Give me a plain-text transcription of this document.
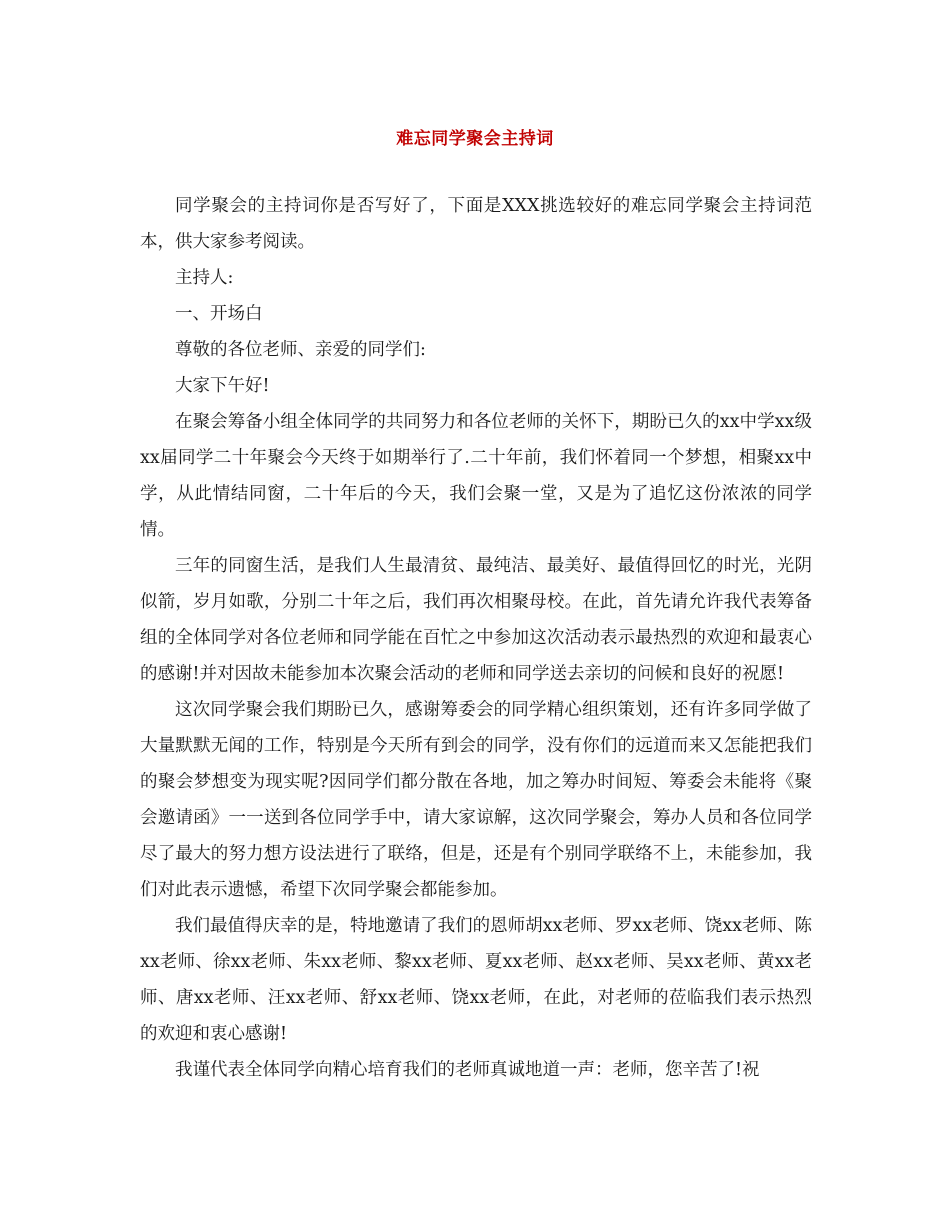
难忘同学聚会主持词

同学聚会的主持词你是否写好了，下面是XXX挑选较好的难忘同学聚会主持词范本，供大家参考阅读。

主持人:

一、开场白

尊敬的各位老师、亲爱的同学们:

大家下午好!

在聚会筹备小组全体同学的共同努力和各位老师的关怀下，期盼已久的xx中学xx级xx届同学二十年聚会今天终于如期举行了.二十年前，我们怀着同一个梦想，相聚xx中学，从此情结同窗，二十年后的今天，我们会聚一堂，又是为了追忆这份浓浓的同学情。

三年的同窗生活，是我们人生最清贫、最纯洁、最美好、最值得回忆的时光，光阴似箭，岁月如歌，分别二十年之后，我们再次相聚母校。在此，首先请允许我代表筹备组的全体同学对各位老师和同学能在百忙之中参加这次活动表示最热烈的欢迎和最衷心的感谢!并对因故未能参加本次聚会活动的老师和同学送去亲切的问候和良好的祝愿!

这次同学聚会我们期盼已久，感谢筹委会的同学精心组织策划，还有许多同学做了大量默默无闻的工作，特别是今天所有到会的同学，没有你们的远道而来又怎能把我们的聚会梦想变为现实呢?因同学们都分散在各地，加之筹办时间短、筹委会未能将《聚会邀请函》一一送到各位同学手中，请大家谅解，这次同学聚会，筹办人员和各位同学尽了最大的努力想方设法进行了联络，但是，还是有个别同学联络不上，未能参加，我们对此表示遗憾，希望下次同学聚会都能参加。

我们最值得庆幸的是，特地邀请了我们的恩师胡xx老师、罗xx老师、饶xx老师、陈xx老师、徐xx老师、朱xx老师、黎xx老师、夏xx老师、赵xx老师、吴xx老师、黄xx老师、唐xx老师、汪xx老师、舒xx老师、饶xx老师，在此，对老师的莅临我们表示热烈的欢迎和衷心感谢!

我谨代表全体同学向精心培育我们的老师真诚地道一声：老师，您辛苦了!祝
